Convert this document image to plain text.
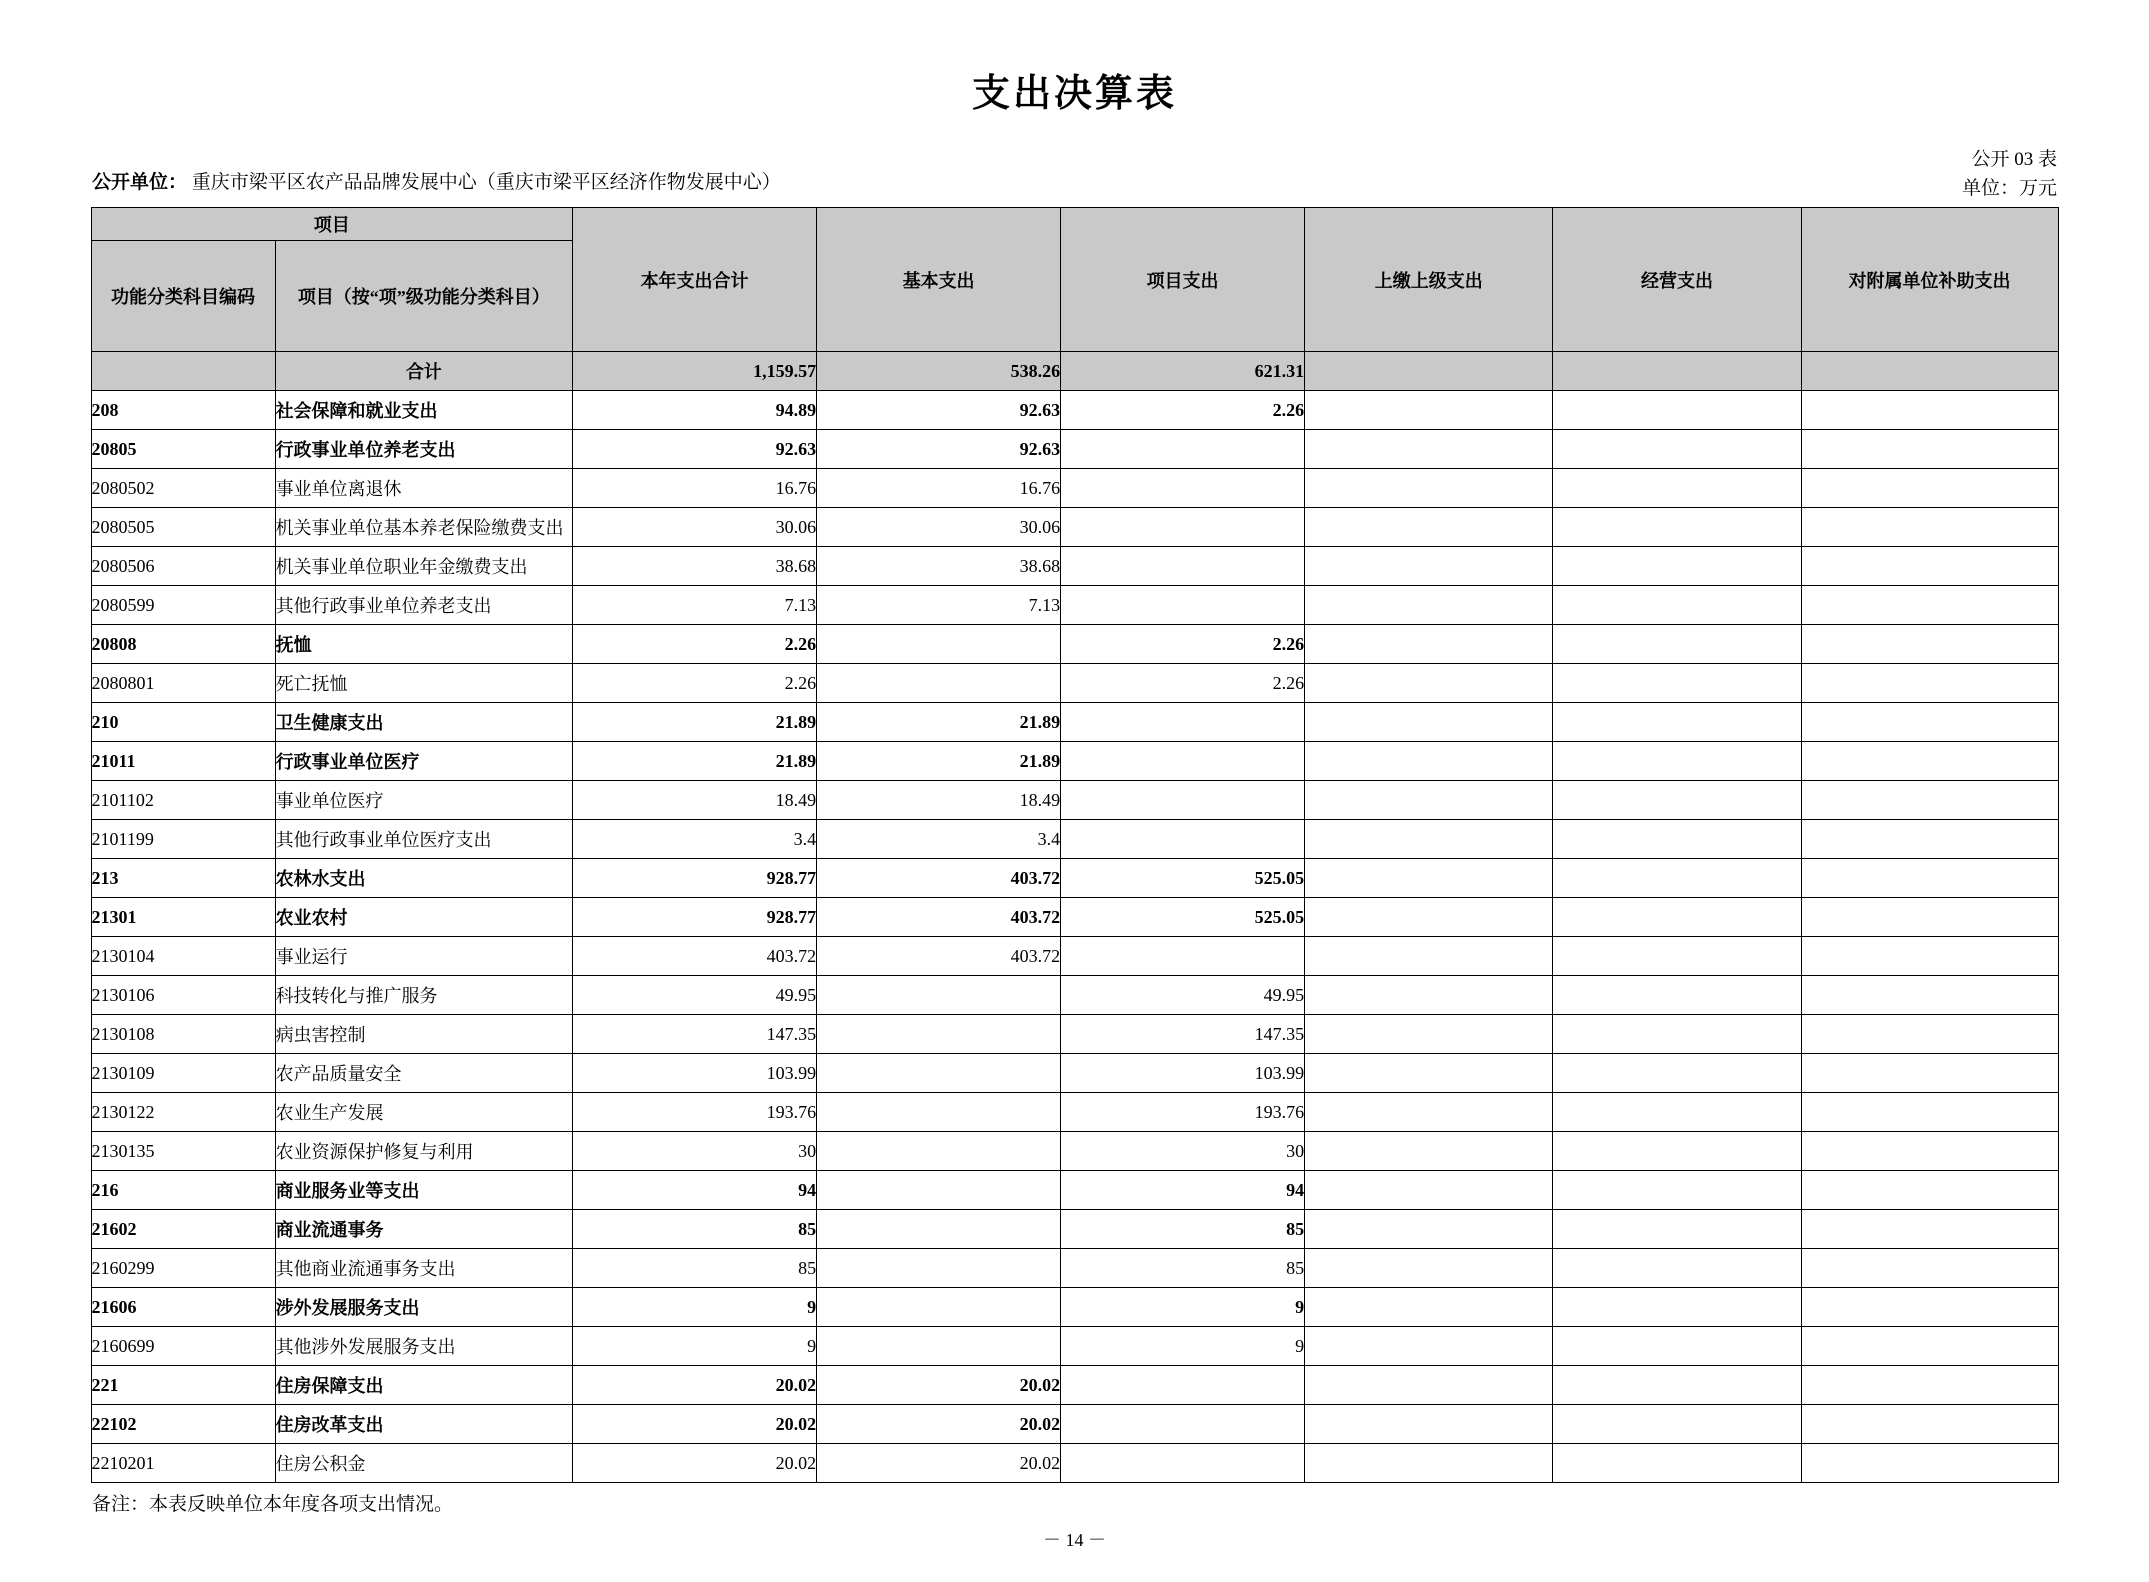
支出决算表
公开单位： 重庆市梁平区农产品品牌发展中心（重庆市梁平区经济作物发展中心）
公开 03 表
单位：万元
项目		本年支出合计	基本支出	项目支出	上缴上级支出	经营支出	对附属单位补助支出
功能分类科目编码	项目（按“项”级功能分类科目）						
	合计	1,159.57	538.26	621.31			
208	社会保障和就业支出	94.89	92.63	2.26			
20805	行政事业单位养老支出	92.63	92.63				
2080502	事业单位离退休	16.76	16.76				
2080505	机关事业单位基本养老保险缴费支出	30.06	30.06				
2080506	机关事业单位职业年金缴费支出	38.68	38.68				
2080599	其他行政事业单位养老支出	7.13	7.13				
20808	抚恤	2.26		2.26			
2080801	死亡抚恤	2.26		2.26			
210	卫生健康支出	21.89	21.89				
21011	行政事业单位医疗	21.89	21.89				
2101102	事业单位医疗	18.49	18.49				
2101199	其他行政事业单位医疗支出	3.4	3.4				
213	农林水支出	928.77	403.72	525.05			
21301	农业农村	928.77	403.72	525.05			
2130104	事业运行	403.72	403.72				
2130106	科技转化与推广服务	49.95		49.95			
2130108	病虫害控制	147.35		147.35			
2130109	农产品质量安全	103.99		103.99			
2130122	农业生产发展	193.76		193.76			
2130135	农业资源保护修复与利用	30		30			
216	商业服务业等支出	94		94			
21602	商业流通事务	85		85			
2160299	其他商业流通事务支出	85		85			
21606	涉外发展服务支出	9		9			
2160699	其他涉外发展服务支出	9		9			
221	住房保障支出	20.02	20.02				
22102	住房改革支出	20.02	20.02				
2210201	住房公积金	20.02	20.02				
备注：本表反映单位本年度各项支出情况。
－ 14 －
